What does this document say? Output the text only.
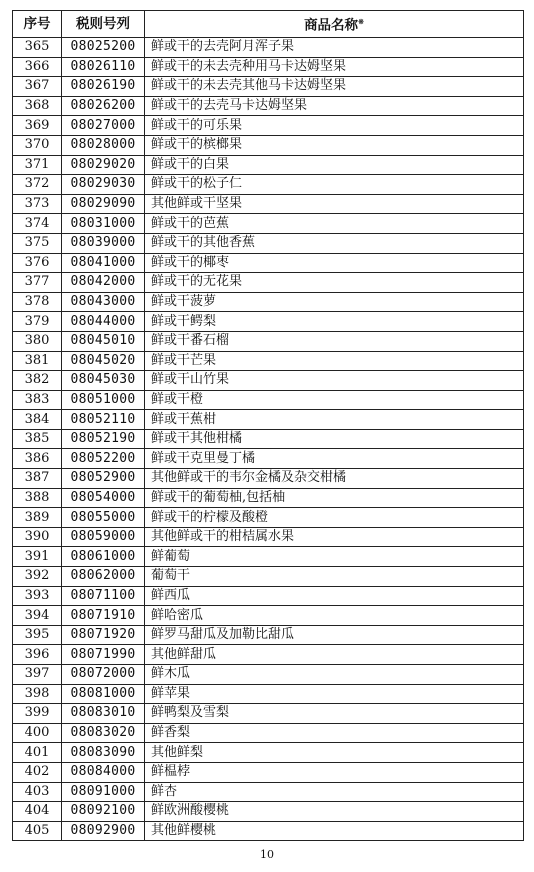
序号	税则号列	商品名称※
365	08025200	鲜或干的去壳阿月浑子果
366	08026110	鲜或干的未去壳种用马卡达姆坚果
367	08026190	鲜或干的未去壳其他马卡达姆坚果
368	08026200	鲜或干的去壳马卡达姆坚果
369	08027000	鲜或干的可乐果
370	08028000	鲜或干的槟榔果
371	08029020	鲜或干的白果
372	08029030	鲜或干的松子仁
373	08029090	其他鲜或干坚果
374	08031000	鲜或干的芭蕉
375	08039000	鲜或干的其他香蕉
376	08041000	鲜或干的椰枣
377	08042000	鲜或干的无花果
378	08043000	鲜或干菠萝
379	08044000	鲜或干鳄梨
380	08045010	鲜或干番石榴
381	08045020	鲜或干芒果
382	08045030	鲜或干山竹果
383	08051000	鲜或干橙
384	08052110	鲜或干蕉柑
385	08052190	鲜或干其他柑橘
386	08052200	鲜或干克里曼丁橘
387	08052900	其他鲜或干的韦尔金橘及杂交柑橘
388	08054000	鲜或干的葡萄柚,包括柚
389	08055000	鲜或干的柠檬及酸橙
390	08059000	其他鲜或干的柑桔属水果
391	08061000	鲜葡萄
392	08062000	葡萄干
393	08071100	鲜西瓜
394	08071910	鲜哈密瓜
395	08071920	鲜罗马甜瓜及加勒比甜瓜
396	08071990	其他鲜甜瓜
397	08072000	鲜木瓜
398	08081000	鲜苹果
399	08083010	鲜鸭梨及雪梨
400	08083020	鲜香梨
401	08083090	其他鲜梨
402	08084000	鲜榅桲
403	08091000	鲜杏
404	08092100	鲜欧洲酸樱桃
405	08092900	其他鲜樱桃
10
